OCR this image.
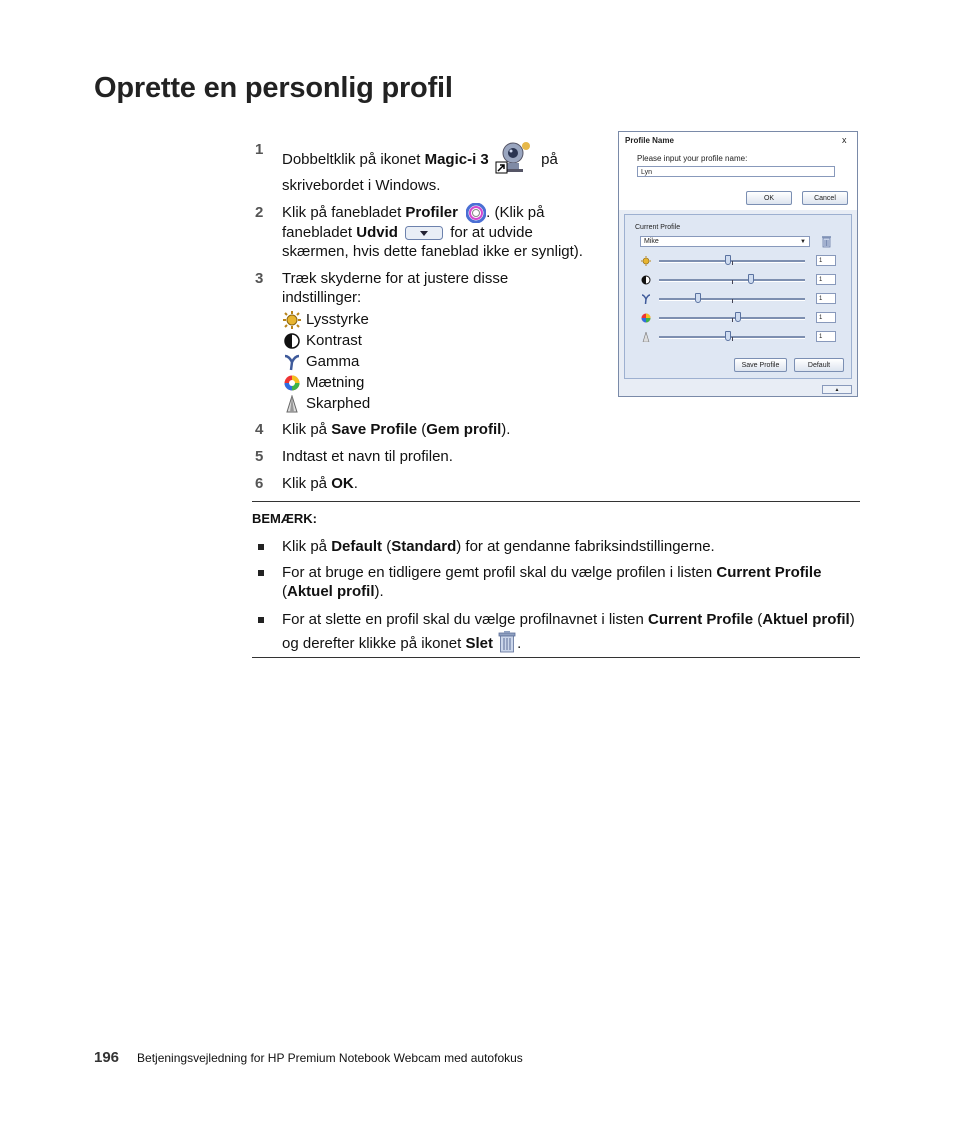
Oprette en personlig profil
1
Dobbeltklik på ikonet Magic-i 3	på
skrivebordet i Windows.
2 Klik på fanebladet Profiler . (Klik på
fanebladet Udvid	for at udvide
skærmen, hvis dette faneblad ikke er synligt).
3 Træk skyderne for at justere disse
indstillinger:
Lysstyrke
Kontrast
Gamma
Mætning
Skarphed
4 Klik på Save Profile (Gem profil).
5 Indtast et navn til profilen.
6 Klik på OK.
Profile Name	x
Please input your profile name:
Lyn
OK	Cancel
Current Profile
Mike	▼
1
1
1
1
1
Save Profile	Default
▲
BEMÆRK:
Klik på Default (Standard) for at gendanne fabriksindstillingerne.
For at bruge en tidligere gemt profil skal du vælge profilen i listen Current Profile (Aktuel profil).
For at slette en profil skal du vælge profilnavnet i listen Current Profile (Aktuel profil) og derefter klikke på ikonet Slet .
196 Betjeningsvejledning for HP Premium Notebook Webcam med autofokus
